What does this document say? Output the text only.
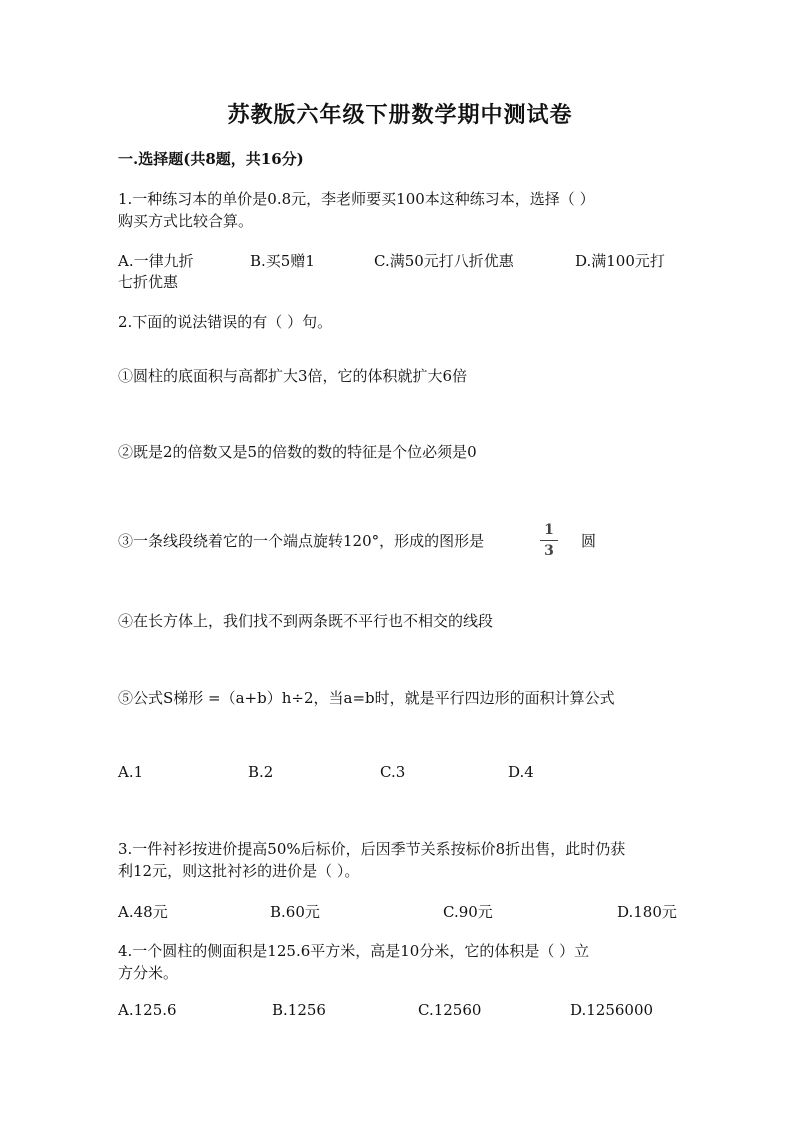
苏教版六年级下册数学期中测试卷
一.选择题(共8题，共16分)
1.一种练习本的单价是0.8元，李老师要买100本这种练习本，选择（ ）
购买方式比较合算。
A.一律九折	B.买5赠1	C.满50元打八折优惠	D.满100元打
七折优惠
2.下面的说法错误的有（ ）句。
①圆柱的底面积与高都扩大3倍，它的体积就扩大6倍
②既是2的倍数又是5的倍数的数的特征是个位必须是0
③一条线段绕着它的一个端点旋转120°，形成的图形是
1
3
圆
④在长方体上，我们找不到两条既不平行也不相交的线段
⑤公式S梯形 =（a+b）h÷2，当a=b时，就是平行四边形的面积计算公式
A.1	B.2	C.3	D.4
3.一件衬衫按进价提高50%后标价，后因季节关系按标价8折出售，此时仍获
利12元，则这批衬衫的进价是（ ）。
A.48元	B.60元	C.90元	D.180元
4.一个圆柱的侧面积是125.6平方米，高是10分米，它的体积是（ ）立
方分米。
A.125.6	B.1256	C.12560	D.1256000
